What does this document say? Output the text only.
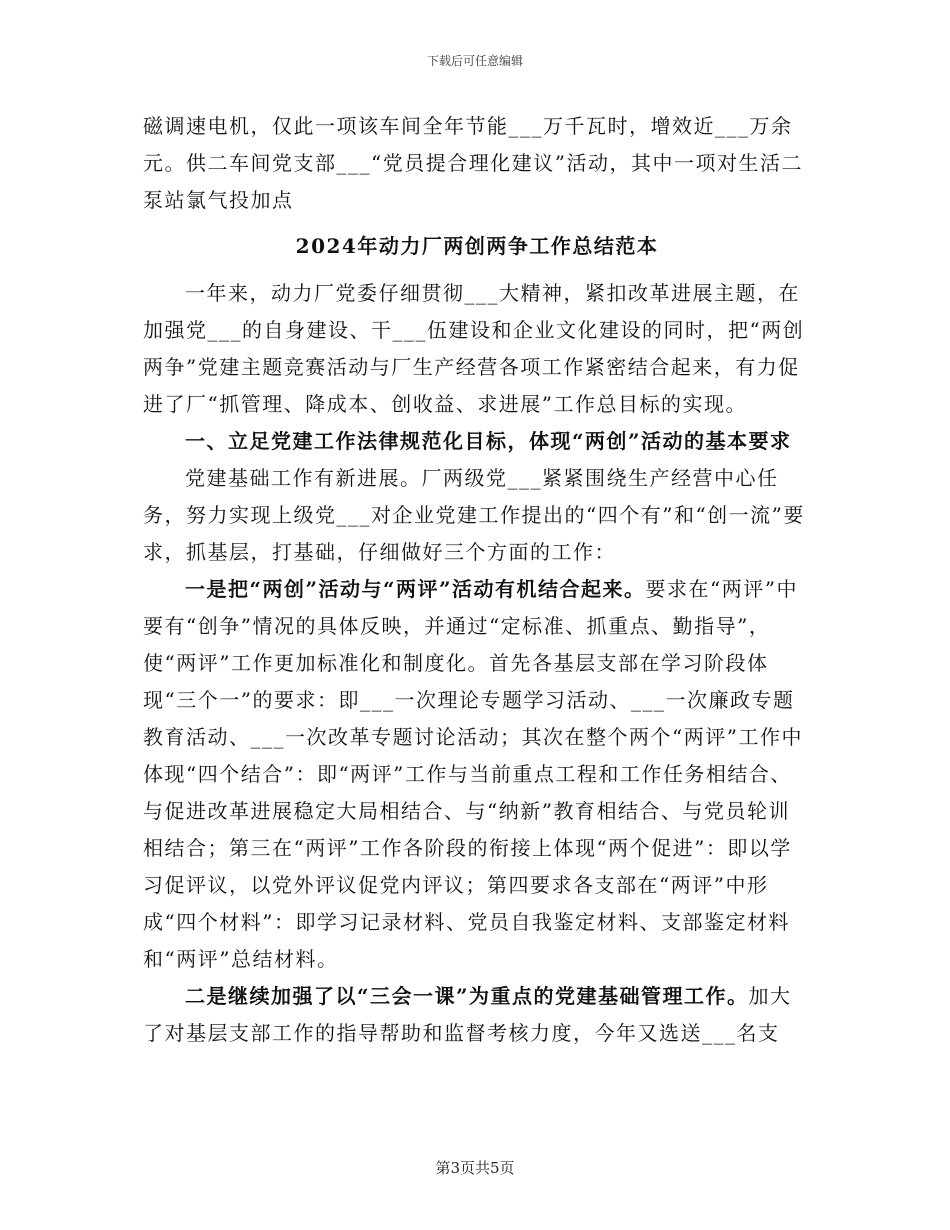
下载后可任意编辑

磁调速电机，仅此一项该车间全年节能___万千瓦时，增效近___万余元。供二车间党支部___“党员提合理化建议”活动，其中一项对生活二泵站氯气投加点

2024年动力厂两创两争工作总结范本

一年来，动力厂党委仔细贯彻___大精神，紧扣改革进展主题，在加强党___的自身建设、干___伍建设和企业文化建设的同时，把“两创两争”党建主题竞赛活动与厂生产经营各项工作紧密结合起来，有力促进了厂“抓管理、降成本、创收益、求进展”工作总目标的实现。

一、立足党建工作法律规范化目标，体现“两创”活动的基本要求

党建基础工作有新进展。厂两级党___紧紧围绕生产经营中心任务，努力实现上级党___对企业党建工作提出的“四个有”和“创一流”要求，抓基层，打基础，仔细做好三个方面的工作：

一是把“两创”活动与“两评”活动有机结合起来。要求在“两评”中要有“创争”情况的具体反映，并通过“定标准、抓重点、勤指导”，使“两评”工作更加标准化和制度化。首先各基层支部在学习阶段体现“三个一”的要求：即___一次理论专题学习活动、___一次廉政专题教育活动、___一次改革专题讨论活动；其次在整个两个“两评”工作中体现“四个结合”：即“两评”工作与当前重点工程和工作任务相结合、与促进改革进展稳定大局相结合、与“纳新”教育相结合、与党员轮训相结合；第三在“两评”工作各阶段的衔接上体现“两个促进”：即以学习促评议，以党外评议促党内评议；第四要求各支部在“两评”中形成“四个材料”：即学习记录材料、党员自我鉴定材料、支部鉴定材料和“两评”总结材料。

二是继续加强了以“三会一课”为重点的党建基础管理工作。加大了对基层支部工作的指导帮助和监督考核力度，今年又选送___名支

第3页共5页
